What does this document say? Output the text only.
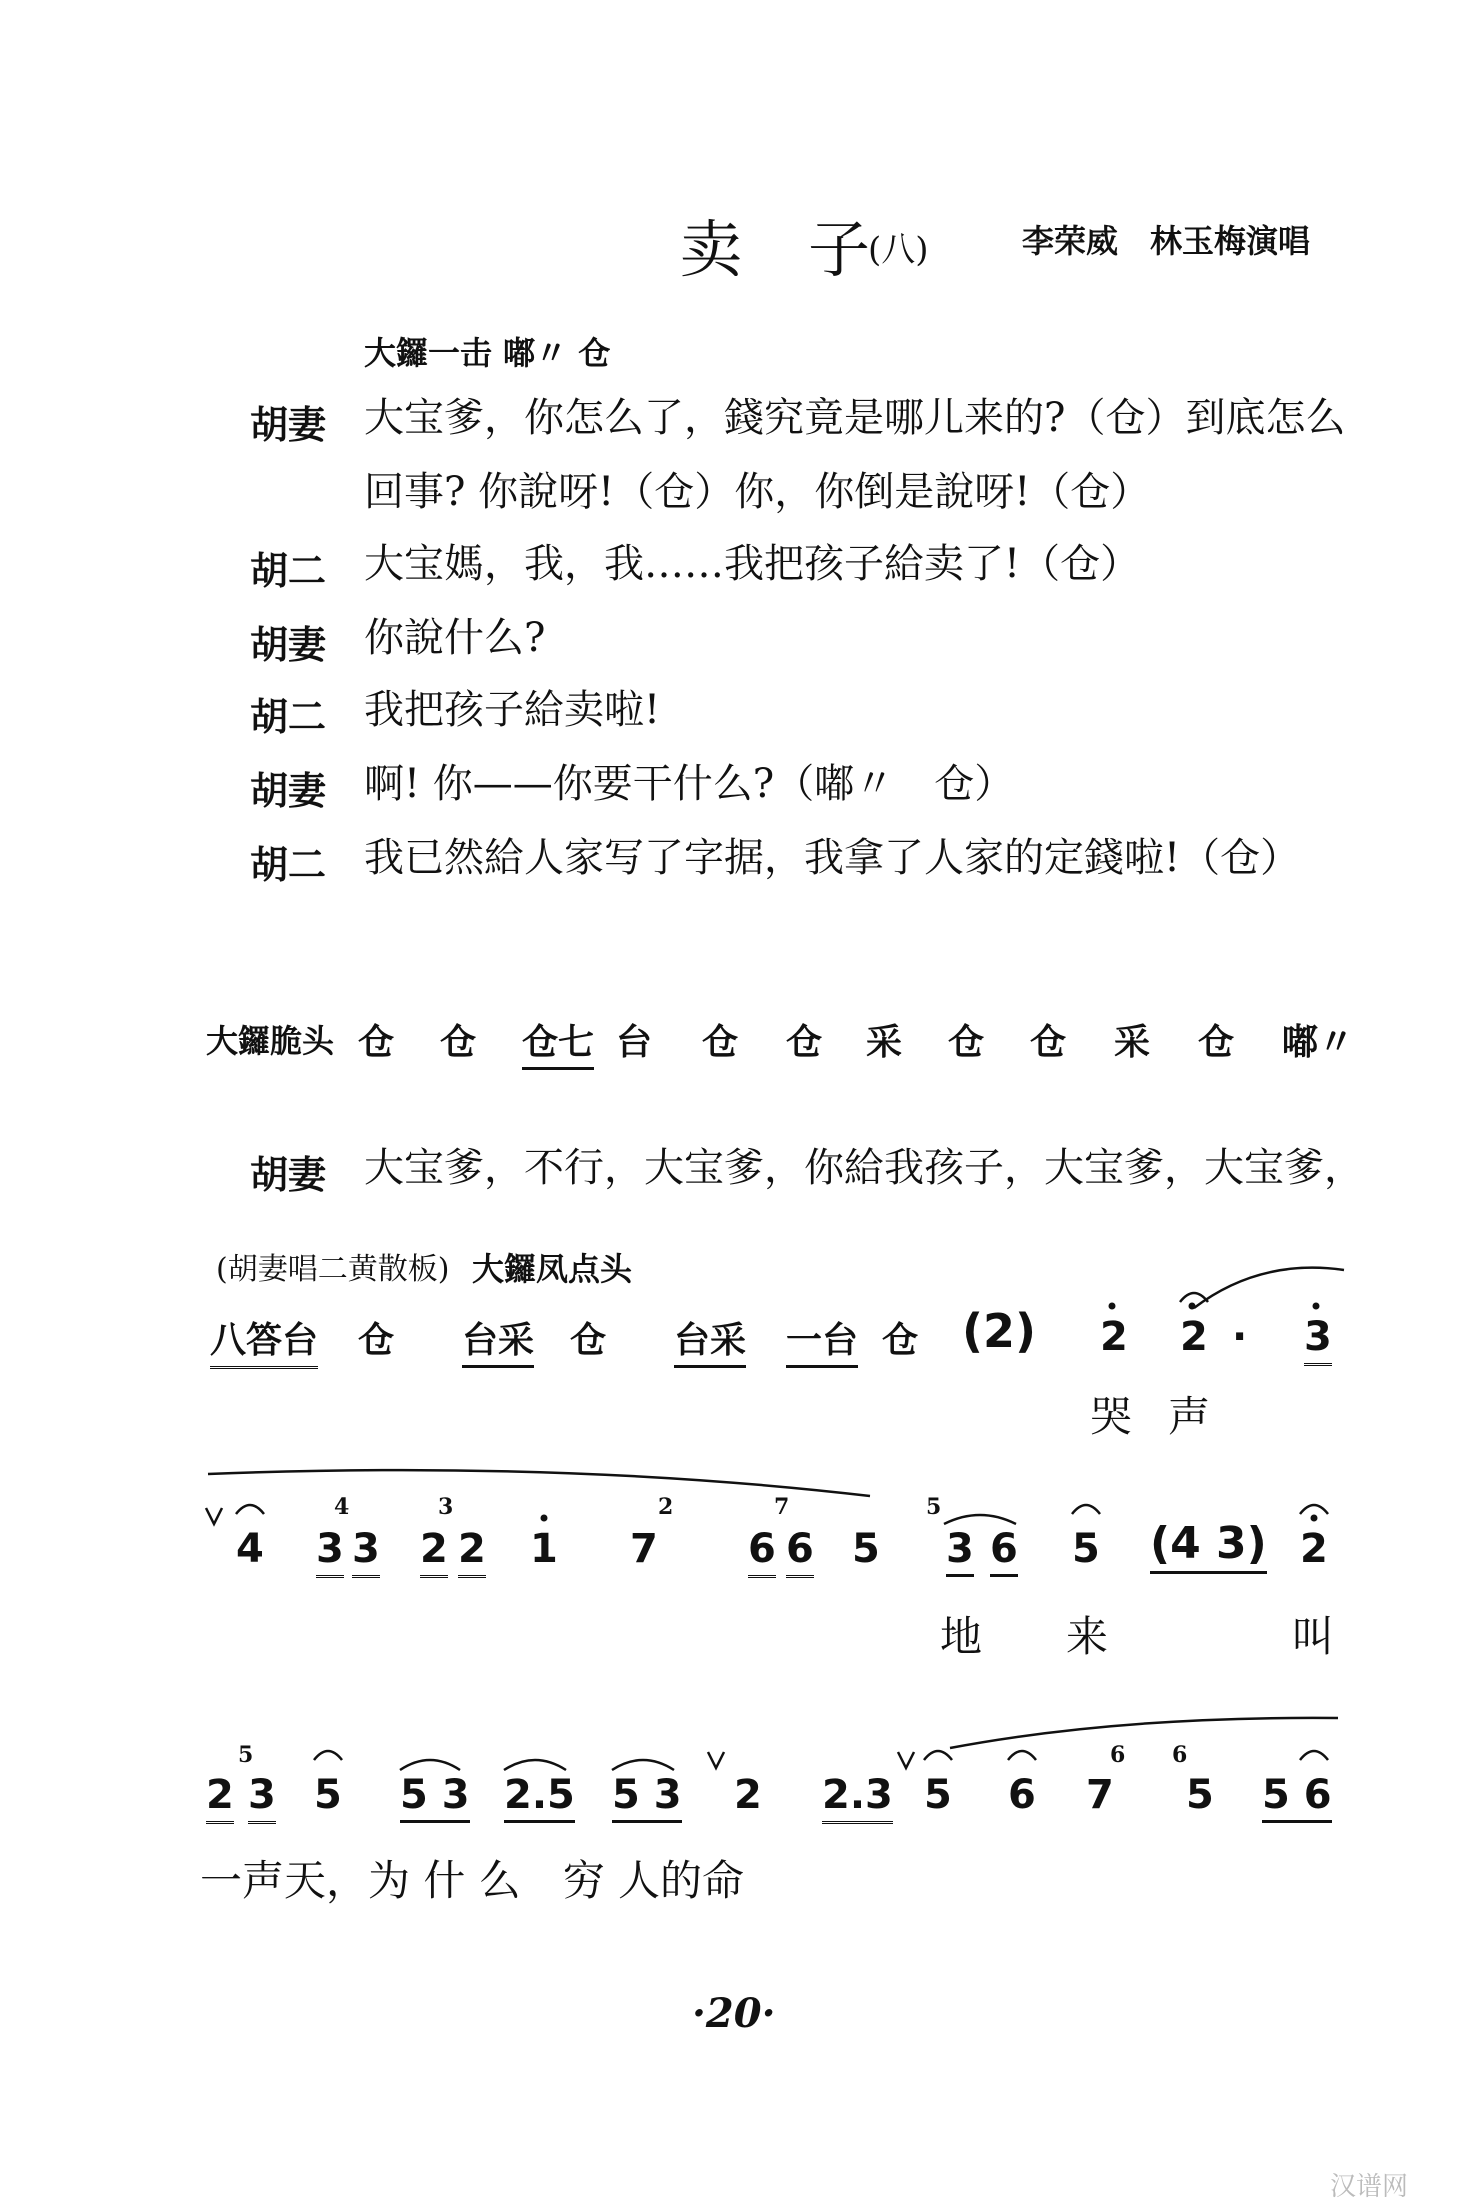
卖　子
(八)	李荣威　林玉梅演唱
大鑼一击 嘟〃 仓
胡妻 大宝爹，你怎么了，錢究竟是哪儿来的?（仓）到底怎么
回事? 你說呀!（仓）你，你倒是說呀!（仓）
胡二 大宝媽，我，我……我把孩子給卖了!（仓）
胡妻 你說什么?
胡二 我把孩子給卖啦!
胡妻 啊! 你——你要干什么?（嘟〃　仓）
胡二 我已然給人家写了字据，我拿了人家的定錢啦!（仓）
大鑼脆头 仓 仓 仓七 台 仓 仓 采 仓 仓 采 仓 嘟〃
胡妻 大宝爹，不行，大宝爹，你給我孩子，大宝爹，大宝爹，
(胡妻唱二黄散板) 大鑼凤点头
八答台 仓 台采 仓 台采 一台 仓 (2) 2 2 · 3
哭 声
4 3 3 2 2 1 7 6 6 5 3 6 5 (4 3) 2
4	3	2	7	5
地 来	叫
2 3 5 5 3 2.5 5 3 2 2.3 5 6 7 5 5 6
5	6 6
一声天，为 什 么　穷 人的命
·20·
汉谱网
